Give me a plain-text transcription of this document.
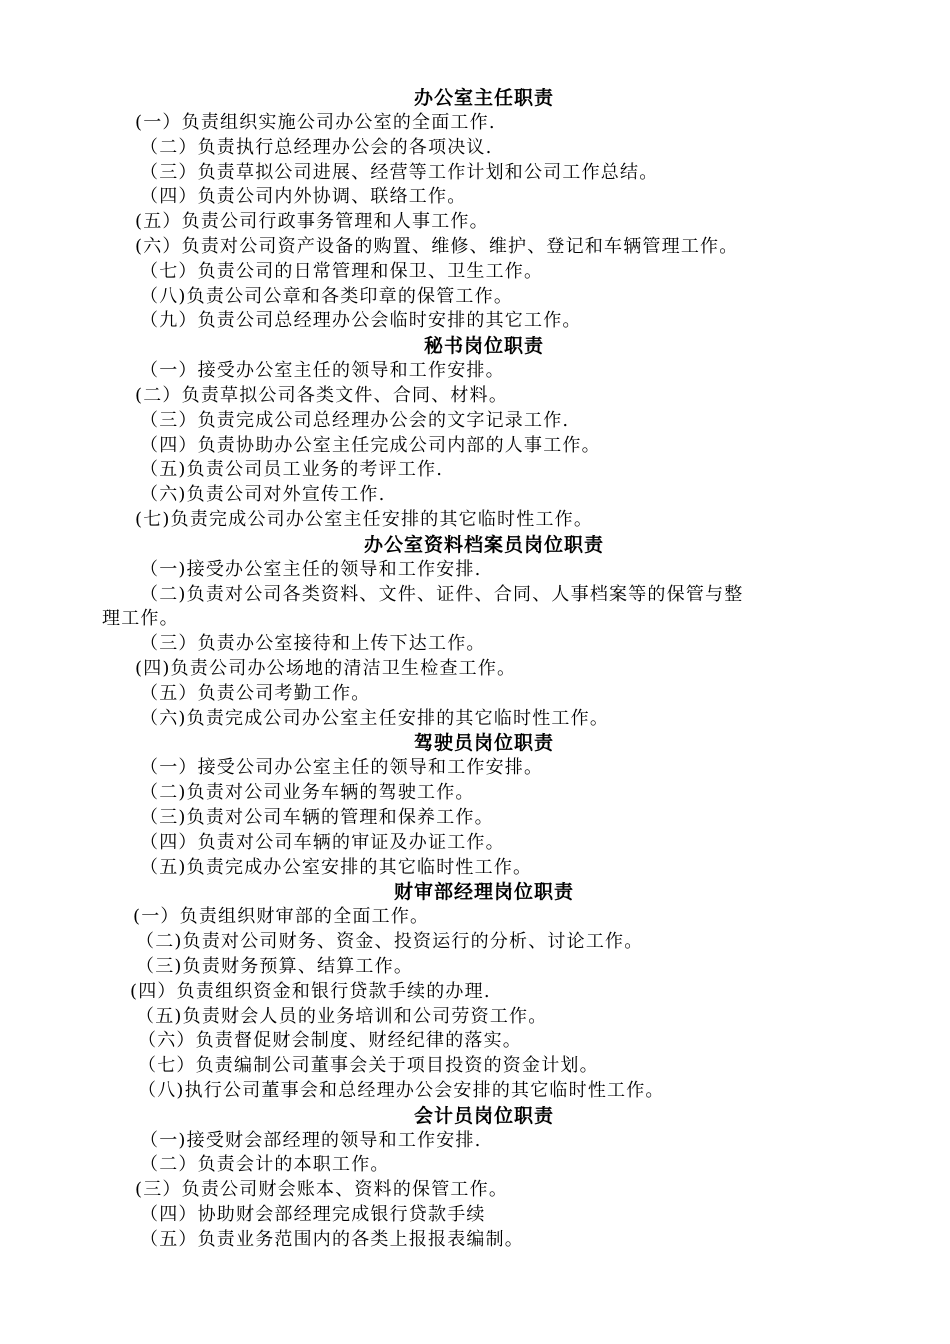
办公室主任职责
(一）负责组织实施公司办公室的全面工作.
（二）负责执行总经理办公会的各项决议.
（三）负责草拟公司进展、经营等工作计划和公司工作总结。
（四）负责公司内外协调、联络工作。
(五）负责公司行政事务管理和人事工作。
(六）负责对公司资产设备的购置、维修、维护、登记和车辆管理工作。
（七）负责公司的日常管理和保卫、卫生工作。
（八)负责公司公章和各类印章的保管工作。
（九）负责公司总经理办公会临时安排的其它工作。
秘书岗位职责
（一）接受办公室主任的领导和工作安排。
(二）负责草拟公司各类文件、合同、材料。
（三）负责完成公司总经理办公会的文字记录工作.
（四）负责协助办公室主任完成公司内部的人事工作。
（五)负责公司员工业务的考评工作.
（六)负责公司对外宣传工作.
(七)负责完成公司办公室主任安排的其它临时性工作。
办公室资料档案员岗位职责
（一)接受办公室主任的领导和工作安排.
（二)负责对公司各类资料、文件、证件、合同、人事档案等的保管与整
理工作。
（三）负责办公室接待和上传下达工作。
(四)负责公司办公场地的清洁卫生检查工作。
（五）负责公司考勤工作。
（六)负责完成公司办公室主任安排的其它临时性工作。
驾驶员岗位职责
（一）接受公司办公室主任的领导和工作安排。
（二)负责对公司业务车辆的驾驶工作。
（三)负责对公司车辆的管理和保养工作。
（四）负责对公司车辆的审证及办证工作。
（五)负责完成办公室安排的其它临时性工作。
财审部经理岗位职责
(一）负责组织财审部的全面工作。
（二)负责对公司财务、资金、投资运行的分析、讨论工作。
（三)负责财务预算、结算工作。
(四）负责组织资金和银行贷款手续的办理.
（五)负责财会人员的业务培训和公司劳资工作。
（六）负责督促财会制度、财经纪律的落实。
（七）负责编制公司董事会关于项目投资的资金计划。
（八)执行公司董事会和总经理办公会安排的其它临时性工作。
会计员岗位职责
（一)接受财会部经理的领导和工作安排.
（二）负责会计的本职工作。
(三）负责公司财会账本、资料的保管工作。
（四）协助财会部经理完成银行贷款手续
（五）负责业务范围内的各类上报报表编制。
